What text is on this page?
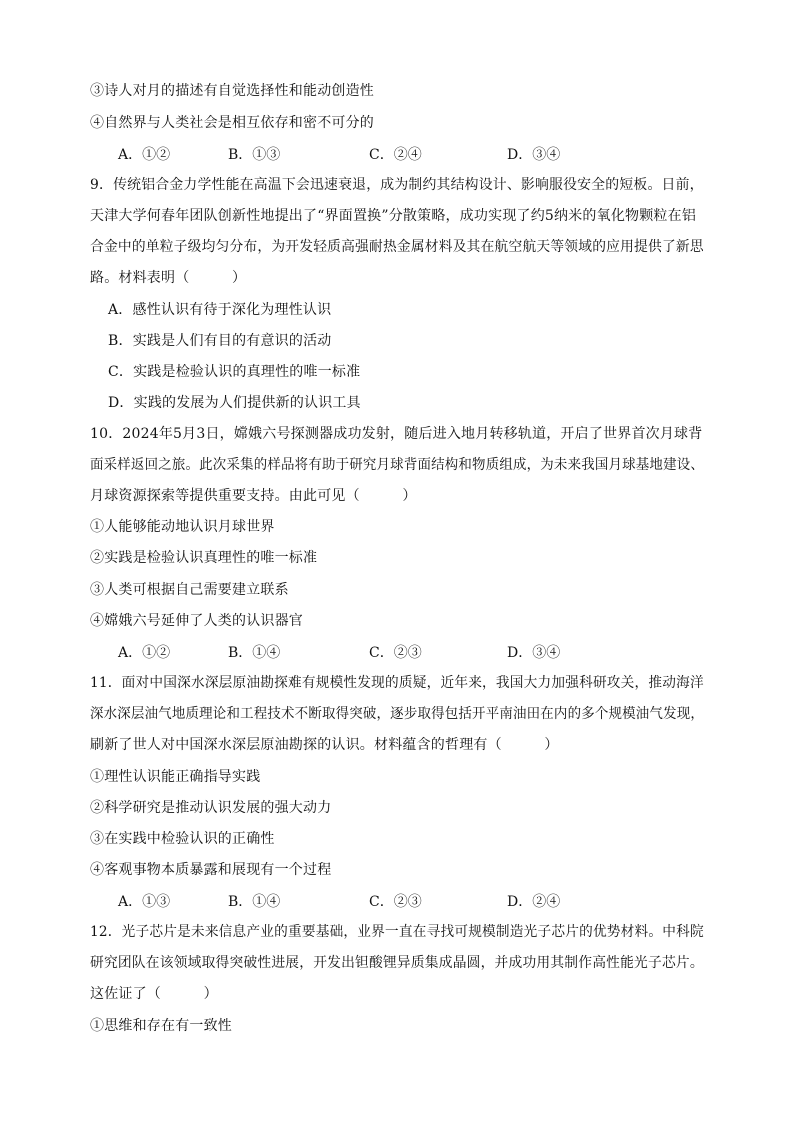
③诗人对月的描述有自觉选择性和能动创造性
④自然界与人类社会是相互依存和密不可分的
A．①②	B．①③	C．②④	D．③④
9．传统铝合金力学性能在高温下会迅速衰退，成为制约其结构设计、影响服役安全的短板。日前，
天津大学何春年团队创新性地提出了“界面置换”分散策略，成功实现了约5纳米的氧化物颗粒在铝
合金中的单粒子级均匀分布，为开发轻质高强耐热金属材料及其在航空航天等领域的应用提供了新思
路。材料表明（　　　）
A．感性认识有待于深化为理性认识
B．实践是人们有目的有意识的活动
C．实践是检验认识的真理性的唯一标准
D．实践的发展为人们提供新的认识工具
10．2024年5月3日，嫦娥六号探测器成功发射，随后进入地月转移轨道，开启了世界首次月球背
面采样返回之旅。此次采集的样品将有助于研究月球背面结构和物质组成，为未来我国月球基地建设、
月球资源探索等提供重要支持。由此可见（　　　）
①人能够能动地认识月球世界
②实践是检验认识真理性的唯一标准
③人类可根据自己需要建立联系
④嫦娥六号延伸了人类的认识器官
A．①②	B．①④	C．②③	D．③④
11．面对中国深水深层原油勘探难有规模性发现的质疑，近年来，我国大力加强科研攻关，推动海洋
深水深层油气地质理论和工程技术不断取得突破，逐步取得包括开平南油田在内的多个规模油气发现，
刷新了世人对中国深水深层原油勘探的认识。材料蕴含的哲理有（　　　）
①理性认识能正确指导实践
②科学研究是推动认识发展的强大动力
③在实践中检验认识的正确性
④客观事物本质暴露和展现有一个过程
A．①③	B．①④	C．②③	D．②④
12．光子芯片是未来信息产业的重要基础，业界一直在寻找可规模制造光子芯片的优势材料。中科院
研究团队在该领域取得突破性进展，开发出钽酸锂异质集成晶圆，并成功用其制作高性能光子芯片。
这佐证了（　　　）
①思维和存在有一致性
